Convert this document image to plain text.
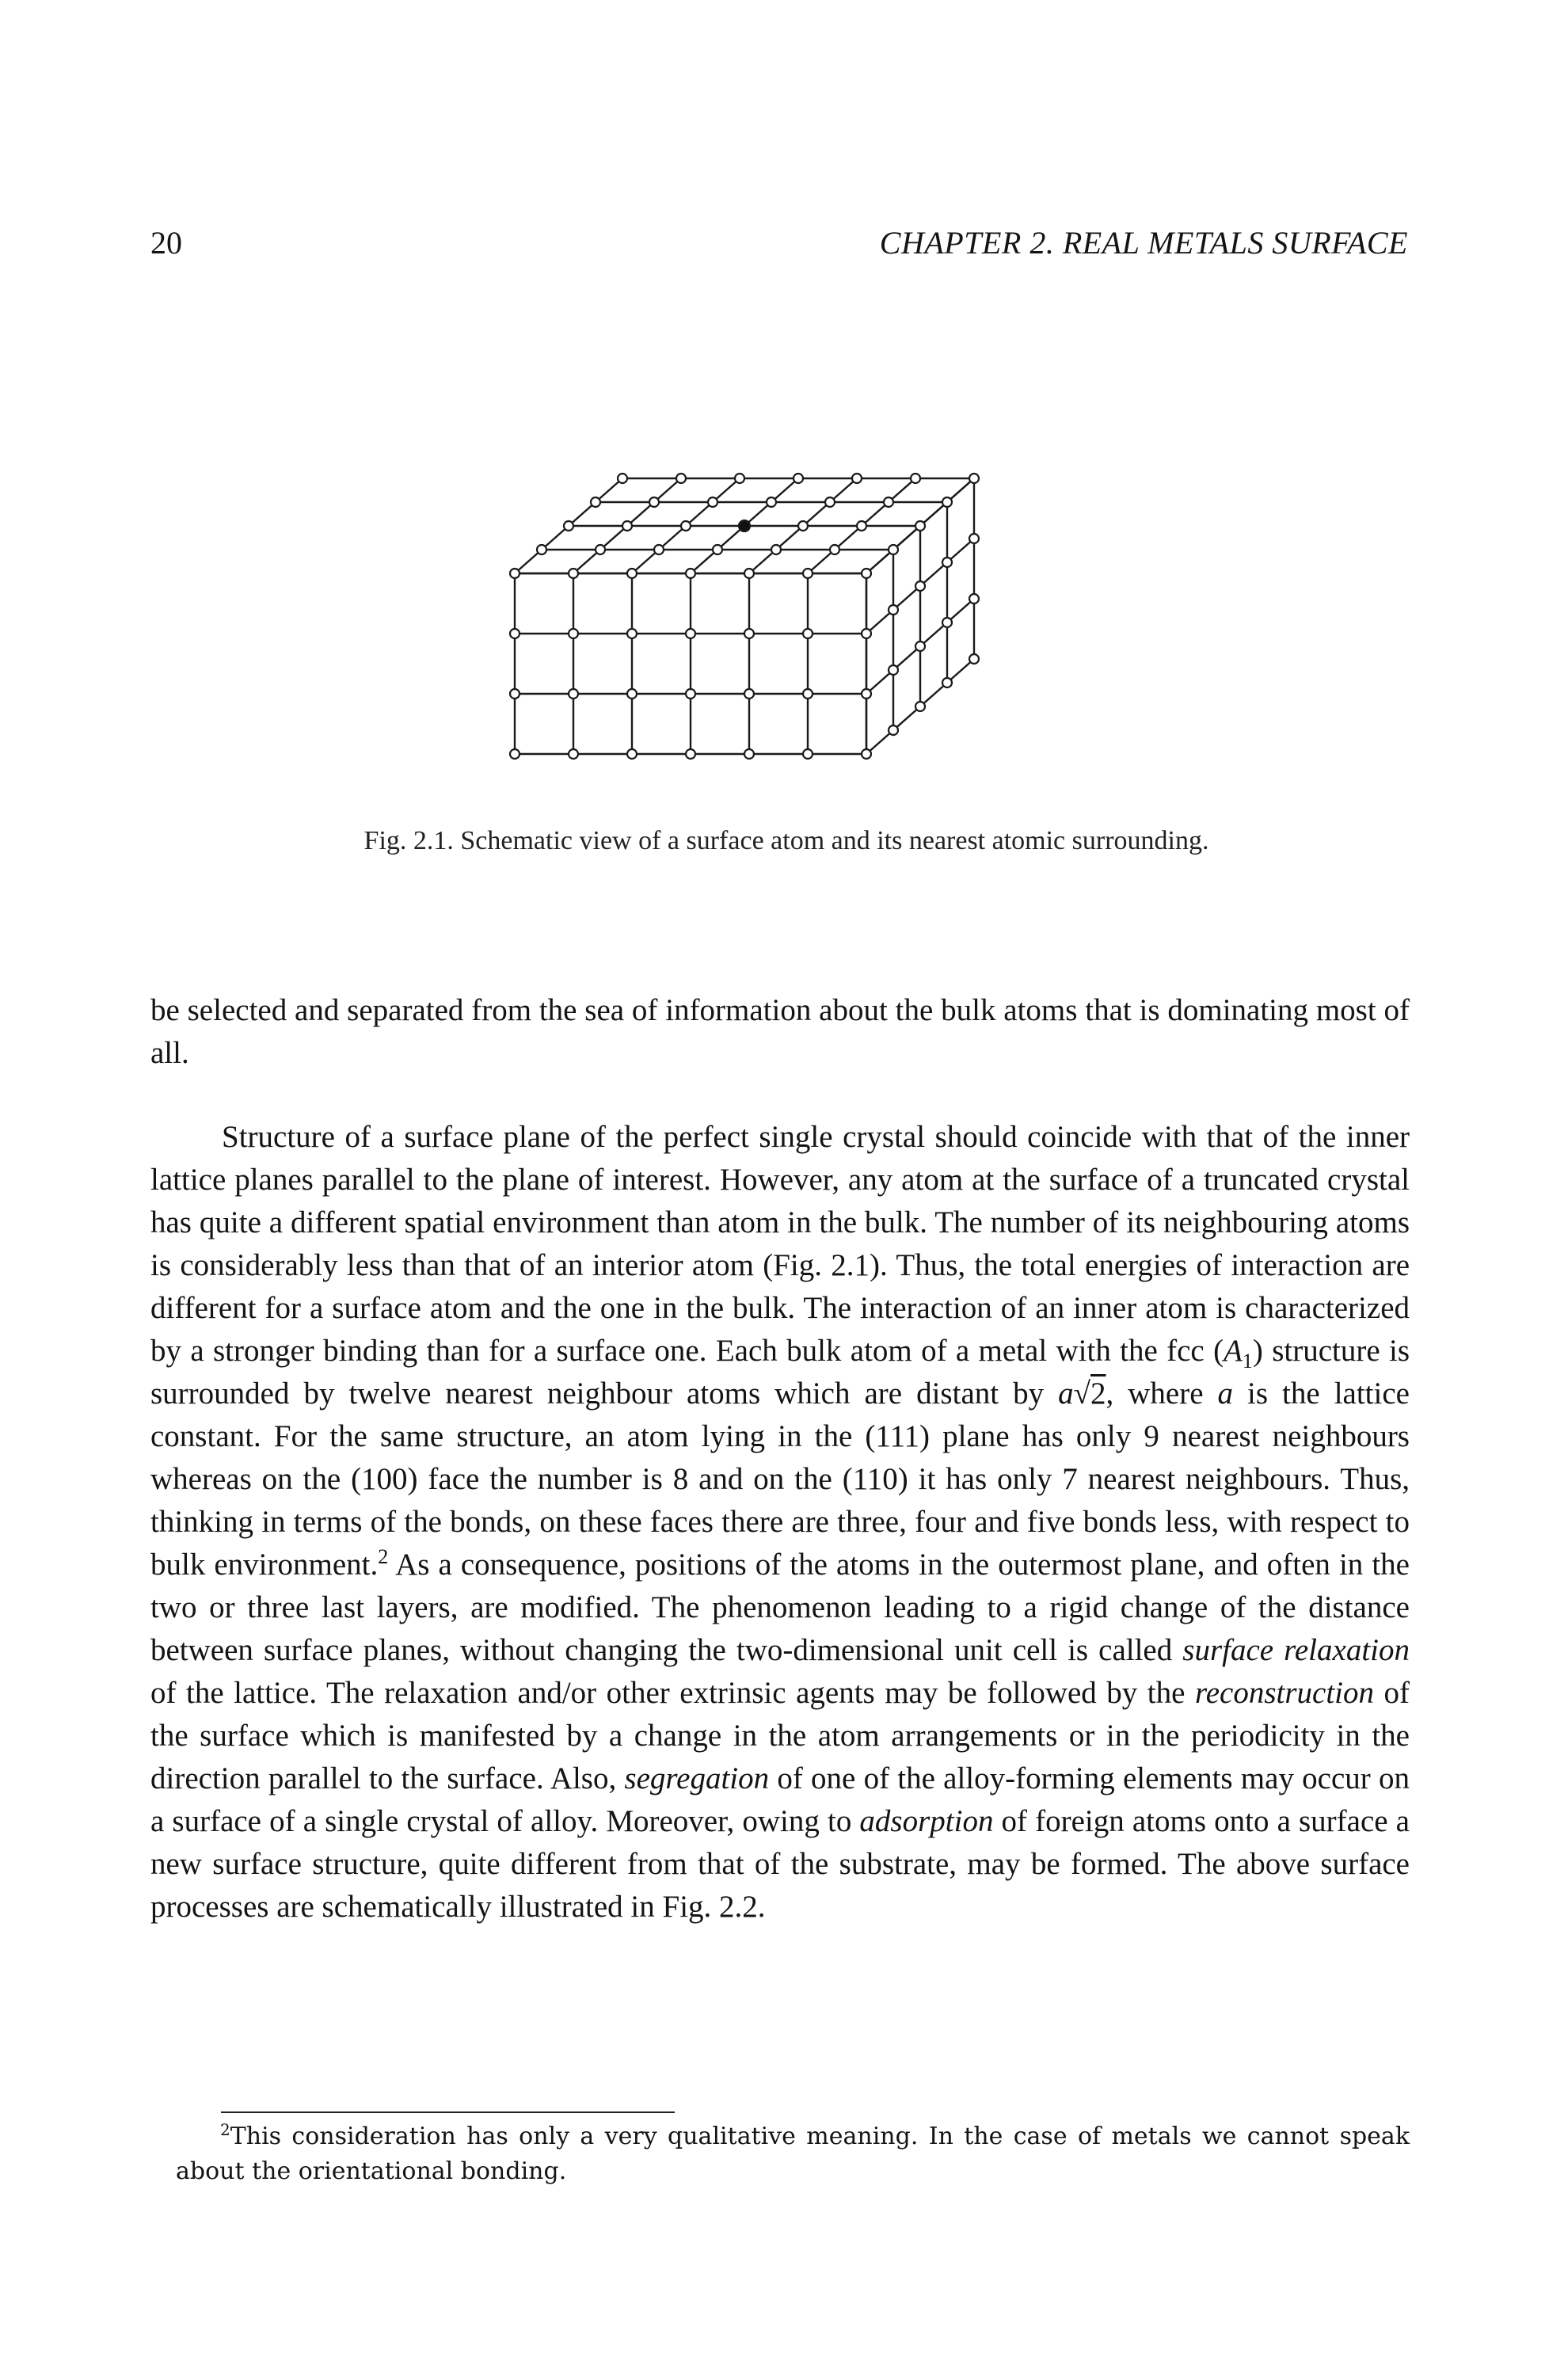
20	CHAPTER 2. REAL METALS SURFACE
Fig. 2.1. Schematic view of a surface atom and its nearest atomic surrounding.

be selected and separated from the sea of information about the bulk atoms that is dominating most of all.

Structure of a surface plane of the perfect single crystal should coincide with that of the inner lattice planes parallel to the plane of interest. However, any atom at the surface of a truncated crystal has quite a different spatial environment than atom in the bulk. The number of its neighbouring atoms is considerably less than that of an interior atom (Fig. 2.1). Thus, the total energies of interaction are different for a surface atom and the one in the bulk. The interaction of an inner atom is characterized by a stronger binding than for a surface one. Each bulk atom of a metal with the fcc $(A_1)$ structure is surrounded by twelve nearest neighbour atoms which are distant by a√2, where a is the lattice constant. For the same structure, an atom lying in the (111) plane has only 9 nearest neighbours whereas on the (100) face the number is 8 and on the (110) it has only 7 nearest neighbours. Thus, thinking in terms of the bonds, on these faces there are three, four and five bonds less, with respect to bulk environment.$^2$ As a consequence, positions of the atoms in the outermost plane, and often in the two or three last layers, are modified. The phenomenon leading to a rigid change of the distance between surface planes, without changing the two-dimensional unit cell is called surface relaxation of the lattice. The relaxation and/or other extrinsic agents may be followed by the reconstruction of the surface which is manifested by a change in the atom arrangements or in the periodicity in the direction parallel to the surface. Also, segregation of one of the alloy-forming elements may occur on a surface of a single crystal of alloy. Moreover, owing to adsorption of foreign atoms onto a surface a new surface structure, quite different from that of the substrate, may be formed. The above surface processes are schematically illustrated in Fig. 2.2.

$^2$This consideration has only a very qualitative meaning. In the case of metals we cannot speak about the orientational bonding.
